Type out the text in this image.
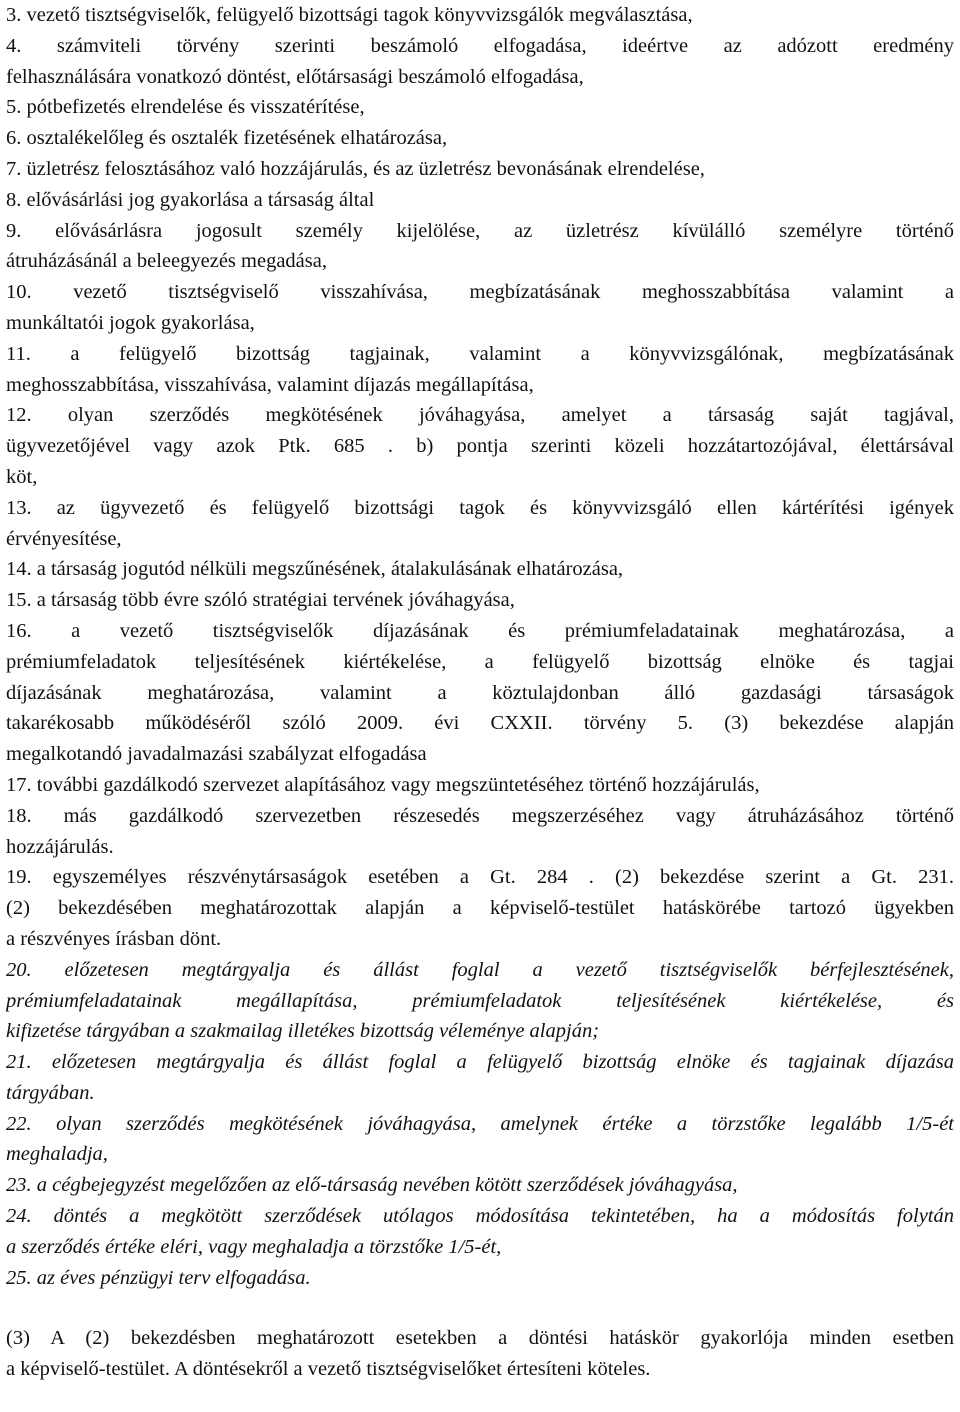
3. vezető tisztségviselők, felügyelő bizottsági tagok könyvvizsgálók megválasztása,
4. számviteli törvény szerinti beszámoló elfogadása, ideértve az adózott eredmény
felhasználására vonatkozó döntést, előtársasági beszámoló elfogadása,
5. pótbefizetés elrendelése és visszatérítése,
6. osztalékelőleg és osztalék fizetésének elhatározása,
7. üzletrész felosztásához való hozzájárulás, és az üzletrész bevonásának elrendelése,
8. elővásárlási jog gyakorlása a társaság által
9. elővásárlásra jogosult személy kijelölése, az üzletrész kívülálló személyre történő
átruházásánál a beleegyezés megadása,
10. vezető tisztségviselő visszahívása, megbízatásának meghosszabbítása valamint a
munkáltatói jogok gyakorlása,
11. a felügyelő bizottság tagjainak, valamint a könyvvizsgálónak, megbízatásának
meghosszabbítása, visszahívása, valamint díjazás megállapítása,
12. olyan szerződés megkötésének jóváhagyása, amelyet a társaság saját tagjával,
ügyvezetőjével vagy azok Ptk. 685 . b) pontja szerinti közeli hozzátartozójával, élettársával
köt,
13. az ügyvezető és felügyelő bizottsági tagok és könyvvizsgáló ellen kártérítési igények
érvényesítése,
14. a társaság jogutód nélküli megszűnésének, átalakulásának elhatározása,
15. a társaság több évre szóló stratégiai tervének jóváhagyása,
16. a vezető tisztségviselők díjazásának és prémiumfeladatainak meghatározása, a
prémiumfeladatok teljesítésének kiértékelése, a felügyelő bizottság elnöke és tagjai
díjazásának meghatározása, valamint a köztulajdonban álló gazdasági társaságok
takarékosabb működéséről szóló 2009. évi CXXII. törvény 5. (3) bekezdése alapján
megalkotandó javadalmazási szabályzat elfogadása
17. további gazdálkodó szervezet alapításához vagy megszüntetéséhez történő hozzájárulás,
18. más gazdálkodó szervezetben részesedés megszerzéséhez vagy átruházásához történő
hozzájárulás.
19. egyszemélyes részvénytársaságok esetében a Gt. 284 . (2) bekezdése szerint a Gt. 231.
(2) bekezdésében meghatározottak alapján a képviselő-testület hatáskörébe tartozó ügyekben
a részvényes írásban dönt.
20. előzetesen megtárgyalja és állást foglal a vezető tisztségviselők bérfejlesztésének,
prémiumfeladatainak megállapítása, prémiumfeladatok teljesítésének kiértékelése, és
kifizetése tárgyában a szakmailag illetékes bizottság véleménye alapján;
21. előzetesen megtárgyalja és állást foglal a felügyelő bizottság elnöke és tagjainak díjazása
tárgyában.
22. olyan szerződés megkötésének jóváhagyása, amelynek értéke a törzstőke legalább 1/5-ét
meghaladja,
23. a cégbejegyzést megelőzően az elő-társaság nevében kötött szerződések jóváhagyása,
24. döntés a megkötött szerződések utólagos módosítása tekintetében, ha a módosítás folytán
a szerződés értéke eléri, vagy meghaladja a törzstőke 1/5-ét,
25. az éves pénzügyi terv elfogadása.
(3) A (2) bekezdésben meghatározott esetekben a döntési hatáskör gyakorlója minden esetben
a képviselő-testület. A döntésekről a vezető tisztségviselőket értesíteni köteles.
